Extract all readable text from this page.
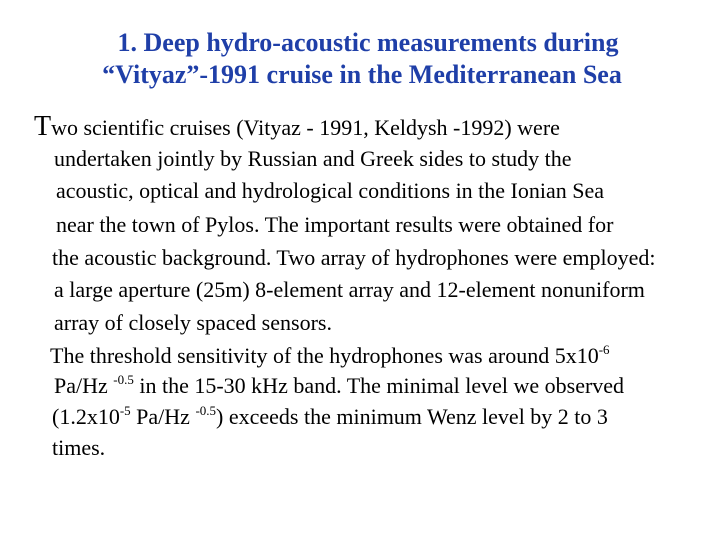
1. Deep hydro-acoustic measurements during
“Vityaz”-1991 cruise in the Mediterranean Sea
Two scientific cruises (Vityaz - 1991, Keldysh -1992) were
undertaken jointly by Russian and Greek sides to study the
acoustic, optical and hydrological conditions in the Ionian Sea
near the town of Pylos. The important results were obtained for
the acoustic background. Two array of hydrophones were employed:
a large aperture (25m) 8-element array and 12-element nonuniform
array of closely spaced sensors.
The threshold sensitivity of the hydrophones was around $5x10^{-6}$
Pa/Hz $^{-0.5}$ in the 15-30 kHz band. The minimal level we observed
($1.2x10^{-5}$ Pa/Hz $^{-0.5}$) exceeds the minimum Wenz level by 2 to 3
times.
